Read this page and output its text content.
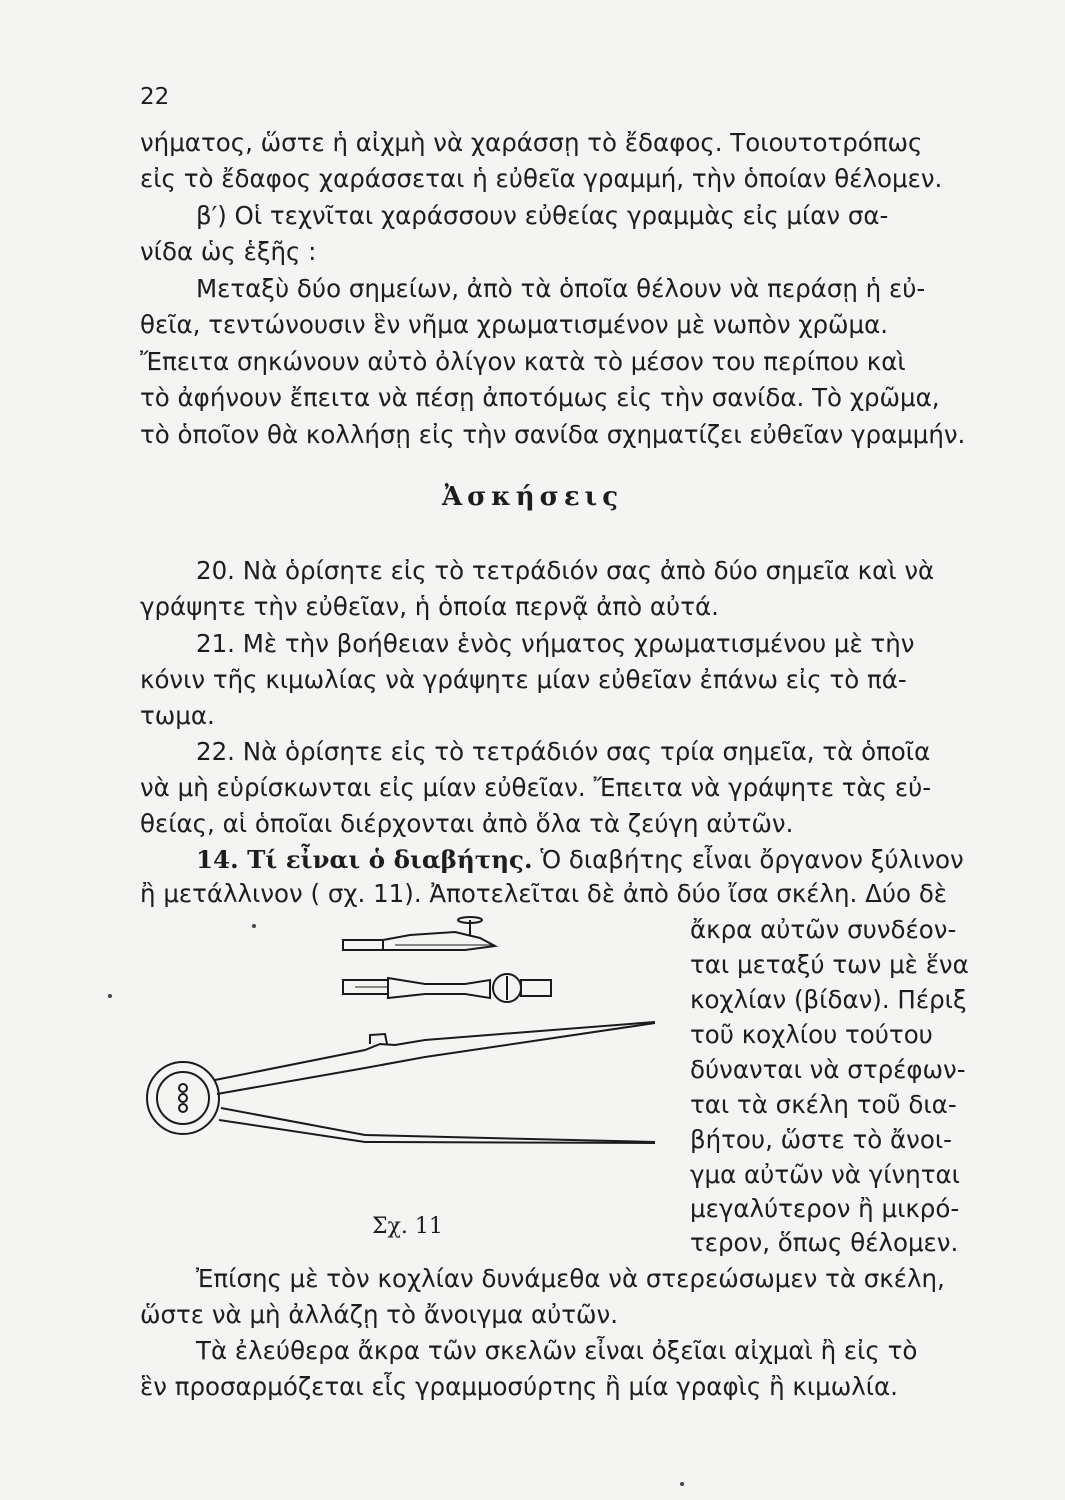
22
νήματος, ὥστε ἡ αἰχμὴ νὰ χαράσσῃ τὸ ἔδαφος. Τοιουτοτρόπως
εἰς τὸ ἔδαφος χαράσσεται ἡ εὐθεῖα γραμμή, τὴν ὁποίαν θέλομεν.
β′) Οἱ τεχνῖται χαράσσουν εὐθείας γραμμὰς εἰς μίαν σα-
νίδα ὡς ἑξῆς :
Μεταξὺ δύο σημείων, ἀπὸ τὰ ὁποῖα θέλουν νὰ περάσῃ ἡ εὐ-
θεῖα, τεντώνουσιν ἓν νῆμα χρωματισμένον μὲ νωπὸν χρῶμα.
Ἔπειτα σηκώνουν αὐτὸ ὀλίγον κατὰ τὸ μέσον του περίπου καὶ
τὸ ἀφήνουν ἔπειτα νὰ πέσῃ ἀποτόμως εἰς τὴν σανίδα. Τὸ χρῶμα,
τὸ ὁποῖον θὰ κολλήσῃ εἰς τὴν σανίδα σχηματίζει εὐθεῖαν γραμμήν.
Ἀσκήσεις
20. Νὰ ὁρίσητε εἰς τὸ τετράδιόν σας ἀπὸ δύο σημεῖα καὶ νὰ
γράψητε τὴν εὐθεῖαν, ἡ ὁποία περνᾷ ἀπὸ αὐτά.
21. Μὲ τὴν βοήθειαν ἑνὸς νήματος χρωματισμένου μὲ τὴν
κόνιν τῆς κιμωλίας νὰ γράψητε μίαν εὐθεῖαν ἐπάνω εἰς τὸ πά-
τωμα.
22. Νὰ ὁρίσητε εἰς τὸ τετράδιόν σας τρία σημεῖα, τὰ ὁποῖα
νὰ μὴ εὑρίσκωνται εἰς μίαν εὐθεῖαν. Ἔπειτα νὰ γράψητε τὰς εὐ-
θείας, αἱ ὁποῖαι διέρχονται ἀπὸ ὅλα τὰ ζεύγη αὐτῶν.
14. Τί εἶναι ὁ διαβήτης. Ὁ διαβήτης εἶναι ὄργανον ξύλινον
ἢ μετάλλινον ( σχ. 11). Ἀποτελεῖται δὲ ἀπὸ δύο ἴσα σκέλη. Δύο δὲ
ἄκρα αὐτῶν συνδέον-
ται μεταξύ των μὲ ἕνα
κοχλίαν (βίδαν). Πέριξ
τοῦ κοχλίου τούτου
δύνανται νὰ στρέφων-
ται τὰ σκέλη τοῦ δια-
βήτου, ὥστε τὸ ἄνοι-
γμα αὐτῶν νὰ γίνηται
μεγαλύτερον ἢ μικρό-
τερον, ὅπως θέλομεν.
Σχ. 11
Ἐπίσης μὲ τὸν κοχλίαν δυνάμεθα νὰ στερεώσωμεν τὰ σκέλη,
ὥστε νὰ μὴ ἀλλάζῃ τὸ ἄνοιγμα αὐτῶν.
Τὰ ἐλεύθερα ἄκρα τῶν σκελῶν εἶναι ὀξεῖαι αἰχμαὶ ἢ εἰς τὸ
ἓν προσαρμόζεται εἷς γραμμοσύρτης ἢ μία γραφὶς ἢ κιμωλία.
